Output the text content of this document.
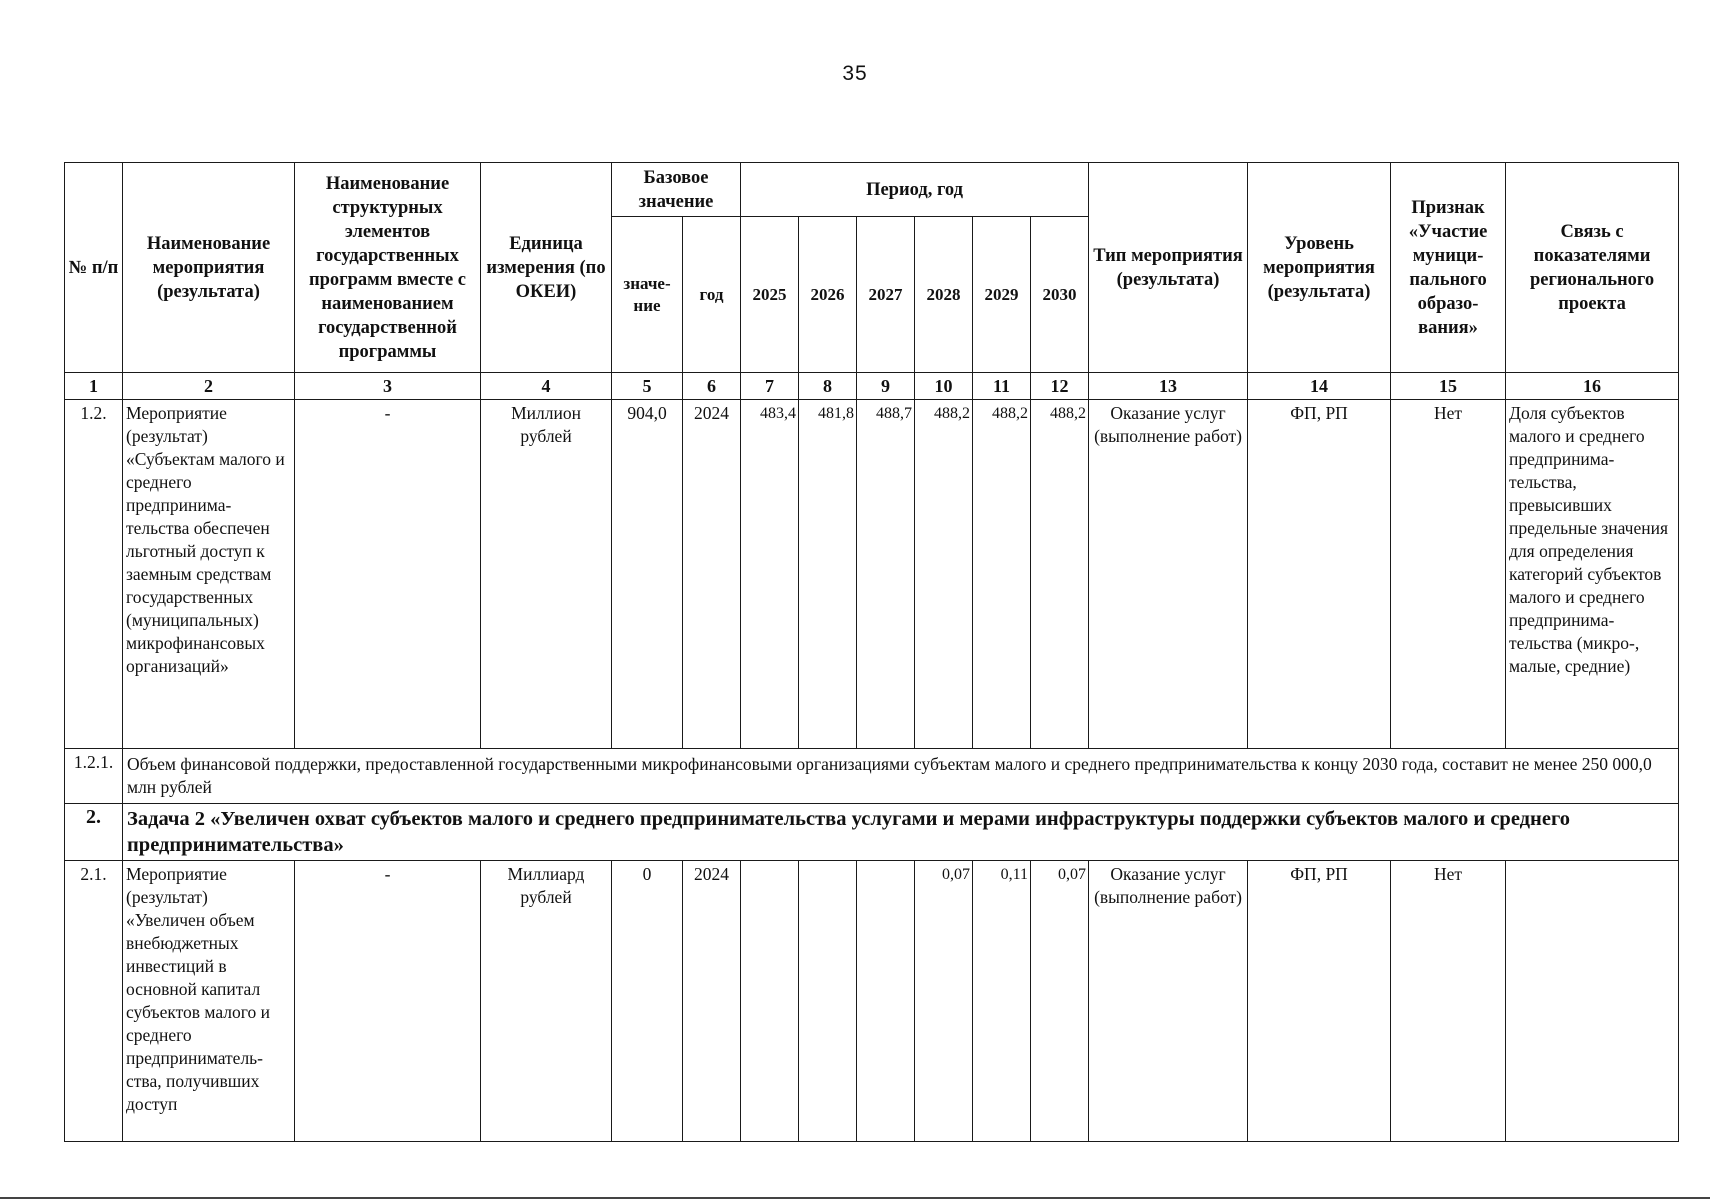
35
№ п/п	Наименование мероприятия (результата)	Наименование структурных элементов государственных программ вместе с наименованием государственной программы	Единица измерения (по ОКЕИ)	Базовое значение		Период, год						Тип мероприятия (результата)	Уровень мероприятия (результата)	Признак «Участие муници-пального образо-вания»	Связь с показателями регионального проекта
				значе-ние	год	2025	2026	2027	2028	2029	2030				
1	2	3	4	5	6	7	8	9	10	11	12	13	14	15	16
1.2.	Мероприятие (результат) «Субъектам малого и среднего предпринима-тельства обеспечен льготный доступ к заемным средствам государственных (муниципальных) микрофинансовых организаций»	-	Миллион рублей	904,0	2024	483,4	481,8	488,7	488,2	488,2	488,2	Оказание услуг (выполнение работ)	ФП, РП	Нет	Доля субъектов малого и среднего предпринима-тельства, превысивших предельные значения для определения категорий субъектов малого и среднего предпринима-тельства (микро-, малые, средние)
1.2.1.	Объем финансовой поддержки, предоставленной государственными микрофинансовыми организациями субъектам малого и среднего предпринимательства к концу 2030 года, составит не менее 250 000,0 млн рублей														
2.	Задача 2 «Увеличен охват субъектов малого и среднего предпринимательства услугами и мерами инфраструктуры поддержки субъектов малого и среднего предпринимательства»														
2.1.	Мероприятие (результат) «Увеличен объем внебюджетных инвестиций в основной капитал субъектов малого и среднего предприниматель-ства, получивших доступ	-	Миллиард рублей	0	2024				0,07	0,11	0,07	Оказание услуг (выполнение работ)	ФП, РП	Нет	
